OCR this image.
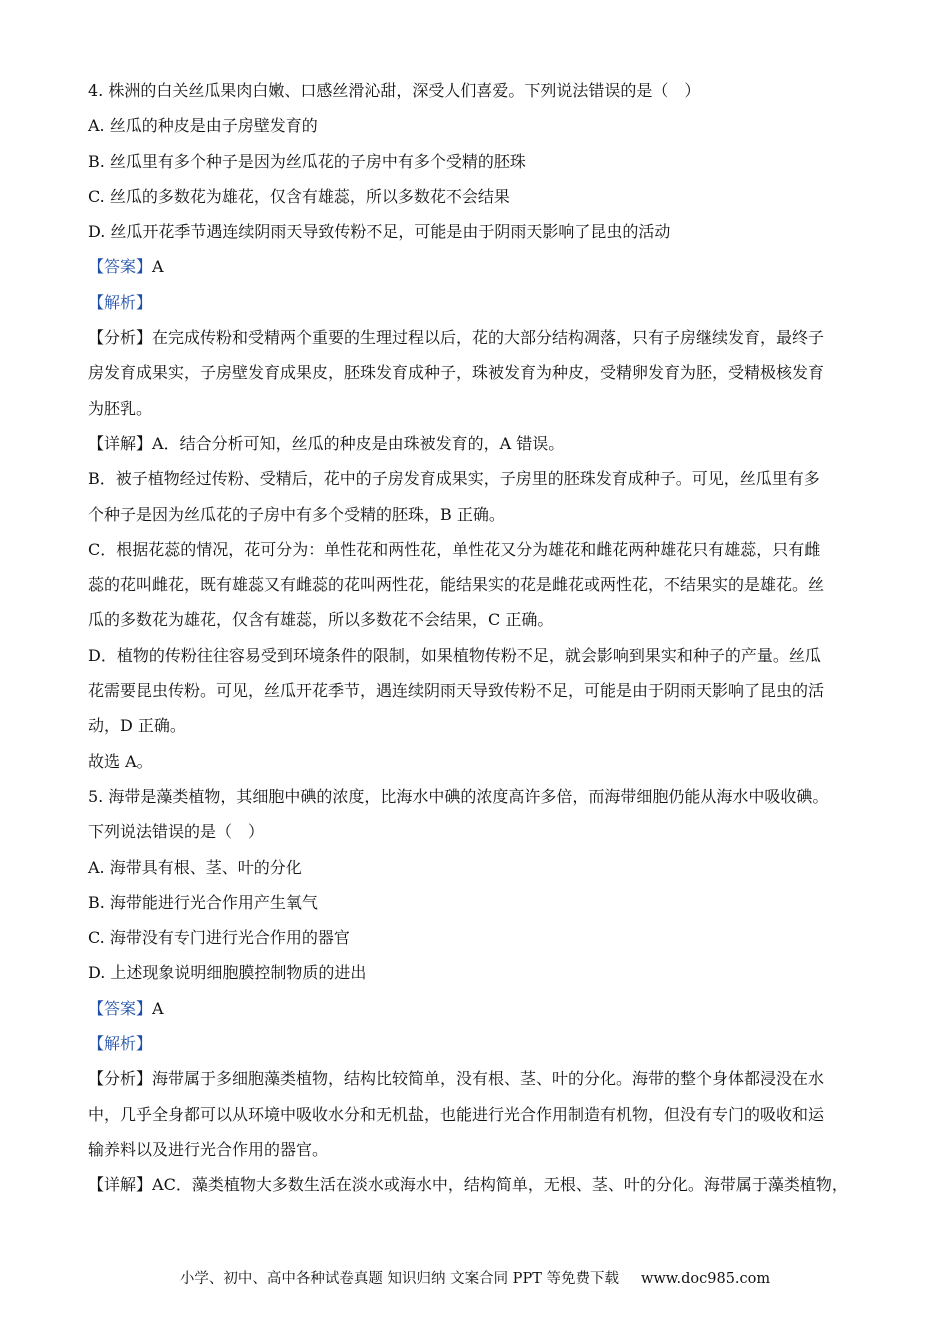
4. 株洲的白关丝瓜果肉白嫩、口感丝滑沁甜，深受人们喜爱。下列说法错误的是（　）
A. 丝瓜的种皮是由子房壁发育的
B. 丝瓜里有多个种子是因为丝瓜花的子房中有多个受精的胚珠
C. 丝瓜的多数花为雄花，仅含有雄蕊，所以多数花不会结果
D. 丝瓜开花季节遇连续阴雨天导致传粉不足，可能是由于阴雨天影响了昆虫的活动
【答案】A
【解析】
【分析】在完成传粉和受精两个重要的生理过程以后，花的大部分结构凋落，只有子房继续发育，最终子
房发育成果实，子房壁发育成果皮，胚珠发育成种子，珠被发育为种皮，受精卵发育为胚，受精极核发育
为胚乳。
【详解】A．结合分析可知，丝瓜的种皮是由珠被发育的，A 错误。
B．被子植物经过传粉、受精后，花中的子房发育成果实，子房里的胚珠发育成种子。可见，丝瓜里有多
个种子是因为丝瓜花的子房中有多个受精的胚珠，B 正确。
C．根据花蕊的情况，花可分为：单性花和两性花，单性花又分为雄花和雌花两种雄花只有雄蕊，只有雌
蕊的花叫雌花，既有雄蕊又有雌蕊的花叫两性花，能结果实的花是雌花或两性花，不结果实的是雄花。丝
瓜的多数花为雄花，仅含有雄蕊，所以多数花不会结果，C 正确。
D．植物的传粉往往容易受到环境条件的限制，如果植物传粉不足，就会影响到果实和种子的产量。丝瓜
花需要昆虫传粉。可见，丝瓜开花季节，遇连续阴雨天导致传粉不足，可能是由于阴雨天影响了昆虫的活
动，D 正确。
故选 A。
5. 海带是藻类植物，其细胞中碘的浓度，比海水中碘的浓度高许多倍，而海带细胞仍能从海水中吸收碘。
下列说法错误的是（　）
A. 海带具有根、茎、叶的分化
B. 海带能进行光合作用产生氧气
C. 海带没有专门进行光合作用的器官
D. 上述现象说明细胞膜控制物质的进出
【答案】A
【解析】
【分析】海带属于多细胞藻类植物，结构比较简单，没有根、茎、叶的分化。海带的整个身体都浸没在水
中，几乎全身都可以从环境中吸收水分和无机盐，也能进行光合作用制造有机物，但没有专门的吸收和运
输养料以及进行光合作用的器官。
【详解】AC．藻类植物大多数生活在淡水或海水中，结构简单，无根、茎、叶的分化。海带属于藻类植物，
小学、初中、高中各种试卷真题 知识归纳 文案合同 PPT 等免费下载 www.doc985.com
